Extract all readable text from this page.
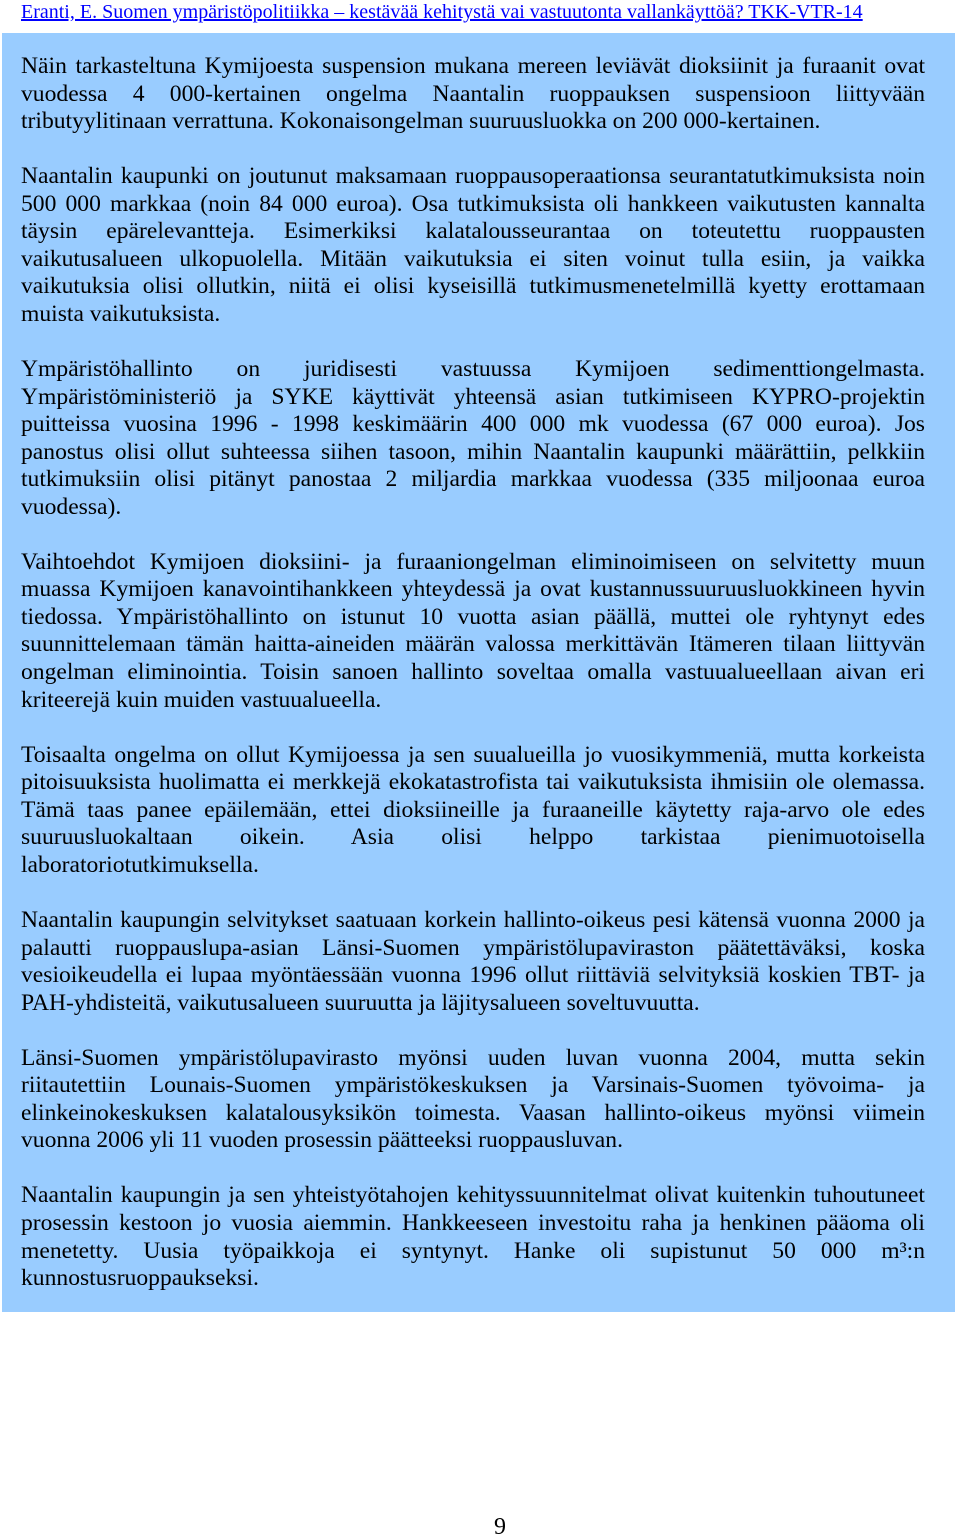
Eranti, E. Suomen ympäristöpolitiikka – kestävää kehitystä vai vastuutonta vallankäyttöä? TKK-VTR-14
Näin tarkasteltuna Kymijoesta suspension mukana mereen leviävät dioksiinit ja furaanit ovat
vuodessa 4 000-kertainen ongelma Naantalin ruoppauksen suspensioon liittyvään
tributyylitinaan verrattuna. Kokonaisongelman suuruusluokka on 200 000-kertainen.
Naantalin kaupunki on joutunut maksamaan ruoppausoperaationsa seurantatutkimuksista noin
500 000 markkaa (noin 84 000 euroa). Osa tutkimuksista oli hankkeen vaikutusten kannalta
täysin epärelevantteja. Esimerkiksi kalatalousseurantaa on toteutettu ruoppausten
vaikutusalueen ulkopuolella. Mitään vaikutuksia ei siten voinut tulla esiin, ja vaikka
vaikutuksia olisi ollutkin, niitä ei olisi kyseisillä tutkimusmenetelmillä kyetty erottamaan
muista vaikutuksista.
Ympäristöhallinto on juridisesti vastuussa Kymijoen sedimenttiongelmasta.
Ympäristöministeriö ja SYKE käyttivät yhteensä asian tutkimiseen KYPRO-projektin
puitteissa vuosina 1996 - 1998 keskimäärin 400 000 mk vuodessa (67 000 euroa). Jos
panostus olisi ollut suhteessa siihen tasoon, mihin Naantalin kaupunki määrättiin, pelkkiin
tutkimuksiin olisi pitänyt panostaa 2 miljardia markkaa vuodessa (335 miljoonaa euroa
vuodessa).
Vaihtoehdot Kymijoen dioksiini- ja furaaniongelman eliminoimiseen on selvitetty muun
muassa Kymijoen kanavointihankkeen yhteydessä ja ovat kustannussuuruusluokkineen hyvin
tiedossa. Ympäristöhallinto on istunut 10 vuotta asian päällä, muttei ole ryhtynyt edes
suunnittelemaan tämän haitta-aineiden määrän valossa merkittävän Itämeren tilaan liittyvän
ongelman eliminointia. Toisin sanoen hallinto soveltaa omalla vastuualueellaan aivan eri
kriteerejä kuin muiden vastuualueella.
Toisaalta ongelma on ollut Kymijoessa ja sen suualueilla jo vuosikymmeniä, mutta korkeista
pitoisuuksista huolimatta ei merkkejä ekokatastrofista tai vaikutuksista ihmisiin ole olemassa.
Tämä taas panee epäilemään, ettei dioksiineille ja furaaneille käytetty raja-arvo ole edes
suuruusluokaltaan oikein. Asia olisi helppo tarkistaa pienimuotoisella
laboratoriotutkimuksella.
Naantalin kaupungin selvitykset saatuaan korkein hallinto-oikeus pesi kätensä vuonna 2000 ja
palautti ruoppauslupa-asian Länsi-Suomen ympäristölupaviraston päätettäväksi, koska
vesioikeudella ei lupaa myöntäessään vuonna 1996 ollut riittäviä selvityksiä koskien TBT- ja
PAH-yhdisteitä, vaikutusalueen suuruutta ja läjitysalueen soveltuvuutta.
Länsi-Suomen ympäristölupavirasto myönsi uuden luvan vuonna 2004, mutta sekin
riitautettiin Lounais-Suomen ympäristökeskuksen ja Varsinais-Suomen työvoima- ja
elinkeinokeskuksen kalatalousyksikön toimesta. Vaasan hallinto-oikeus myönsi viimein
vuonna 2006 yli 11 vuoden prosessin päätteeksi ruoppausluvan.
Naantalin kaupungin ja sen yhteistyötahojen kehityssuunnitelmat olivat kuitenkin tuhoutuneet
prosessin kestoon jo vuosia aiemmin. Hankkeeseen investoitu raha ja henkinen pääoma oli
menetetty. Uusia työpaikkoja ei syntynyt. Hanke oli supistunut 50 000 m³:n
kunnostusruoppaukseksi.
9
